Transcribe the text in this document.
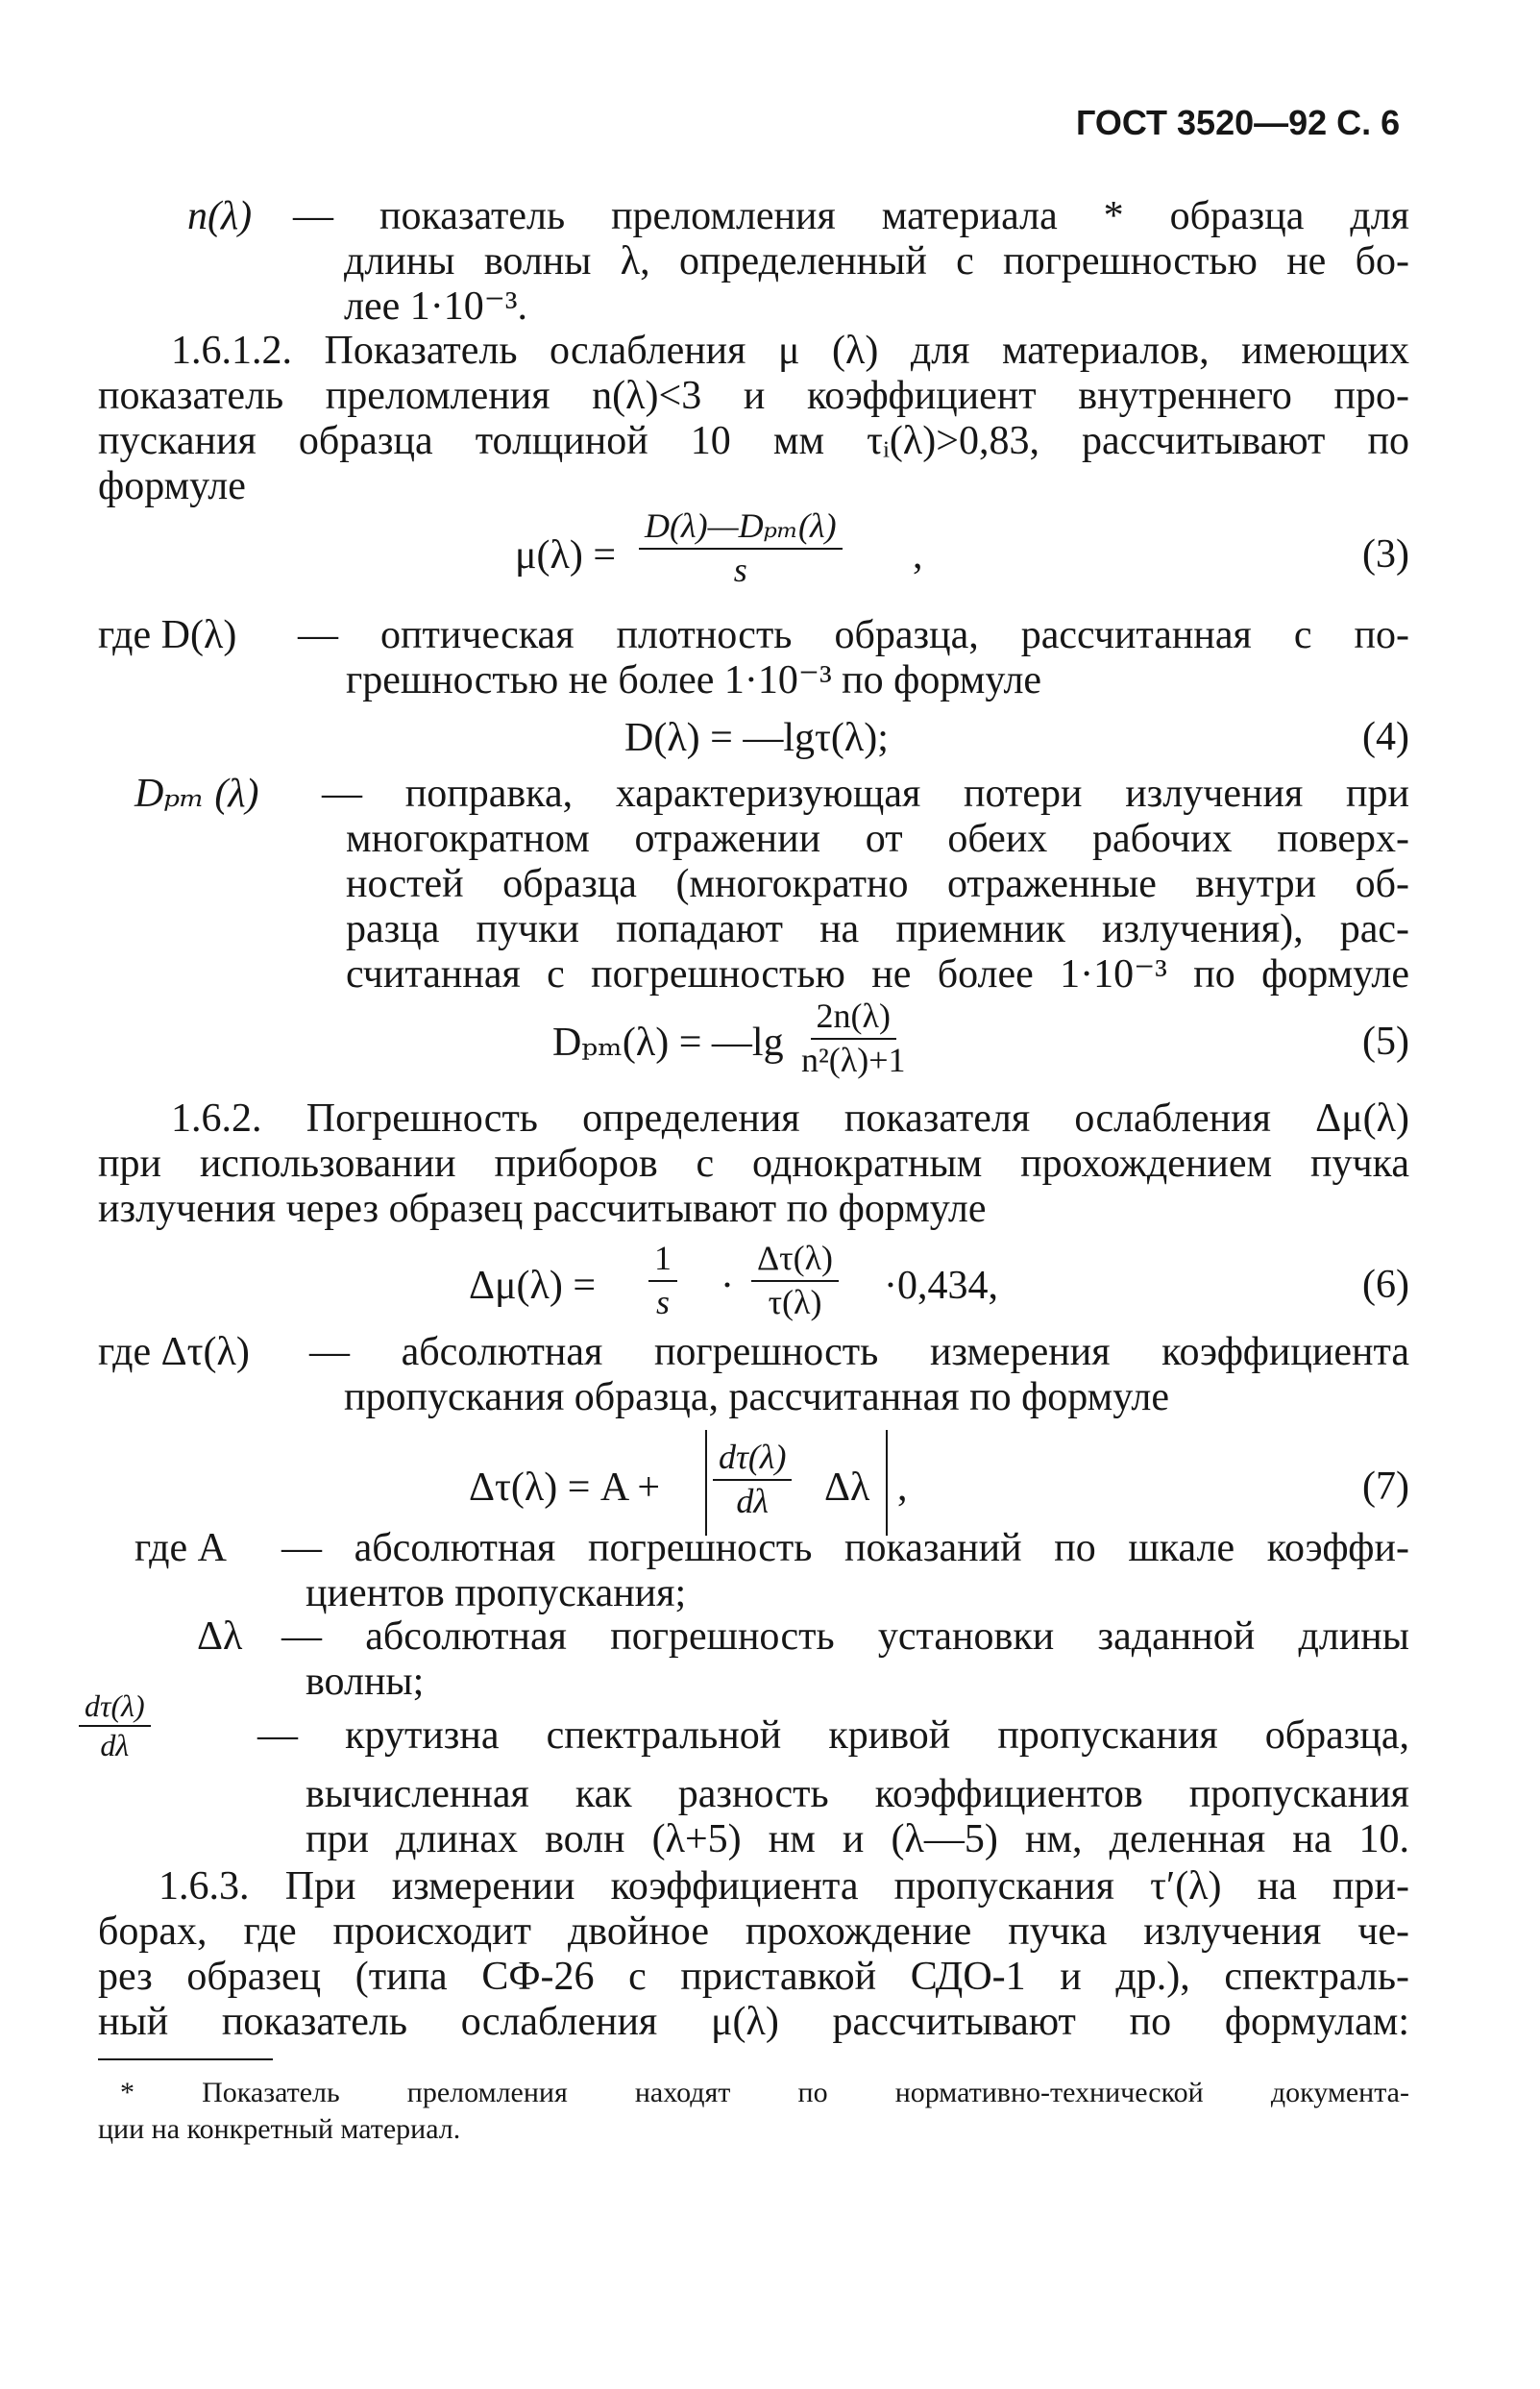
ГОСТ 3520—92 С. 6
n(λ) — показатель преломления материала * образца для
длины волны λ, определенный с погрешностью не бо-
лее 1·10⁻³.
1.6.1.2. Показатель ослабления μ (λ) для материалов, имеющих
показатель преломления n(λ)<3 и коэффициент внутреннего про-
пускания образца толщиной 10 мм τᵢ(λ)>0,83, рассчитывают по
формуле
μ(λ) =
D(λ)—Dₚₘ(λ)
s	,	(3)
где D(λ) — оптическая плотность образца, рассчитанная с по-
грешностью не более 1·10⁻³ по формуле
D(λ) = —lgτ(λ);	(4)
Dₚₘ (λ) — поправка, характеризующая потери излучения при
многократном отражении от обеих рабочих поверх-
ностей образца (многократно отраженные внутри об-
разца пучки попадают на приемник излучения), рас-
считанная с погрешностью не более 1·10⁻³ по формуле
Dₚₘ(λ) = —lg $\frac{2n(\lambda)}{\text{n²(λ)+1}}$	(5)
1.6.2. Погрешность определения показателя ослабления Δμ(λ)
при использовании приборов с однократным прохождением пучка
излучения через образец рассчитывают по формуле
$\Delta\mu(\lambda) = \frac{1}{s} \cdot \frac{\Delta\tau(\lambda)}{\tau(\lambda)} \cdot 0,434$,	(6)
где Δτ(λ) — абсолютная погрешность измерения коэффициента
пропускания образца, рассчитанная по формуле
$\Delta\tau(\lambda) = A + \frac{d\tau(\lambda)}{d\lambda}$ Δλ ,	(7)
где A — абсолютная погрешность показаний по шкале коэффи-
циентов пропускания;
Δλ — абсолютная погрешность установки заданной длины
волны;
$\frac{d\tau(\lambda)}{d\lambda}$	— крутизна спектральной кривой пропускания образца,
вычисленная как разность коэффициентов пропускания
при длинах волн (λ+5) нм и (λ—5) нм, деленная на 10.
1.6.3. При измерении коэффициента пропускания τ′(λ) на при-
борах, где происходит двойное прохождение пучка излучения че-
рез образец (типа СФ-26 с приставкой СДО-1 и др.), спектраль-
ный показатель ослабления μ(λ) рассчитывают по формулам:
* Показатель преломления находят по нормативно-технической документа-
ции на конкретный материал.
